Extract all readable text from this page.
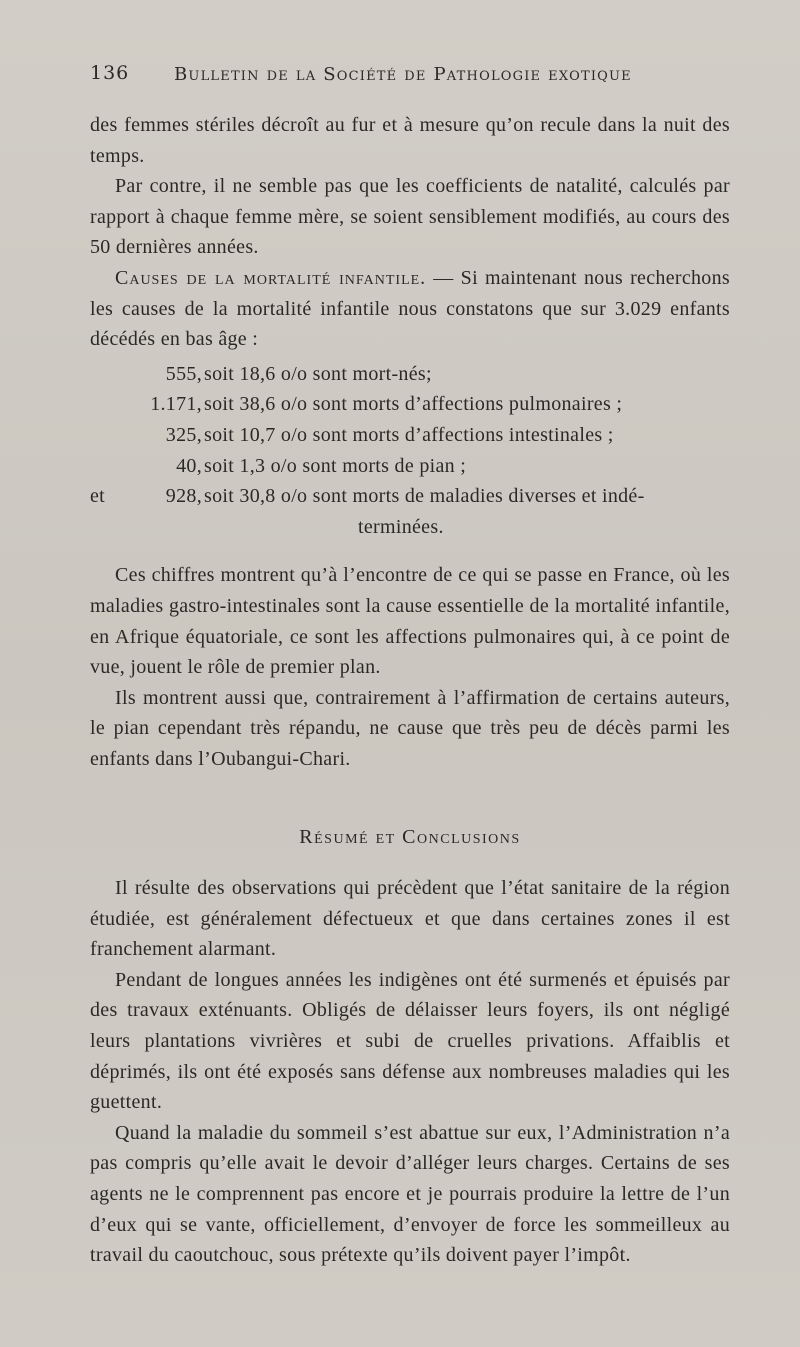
136 Bulletin de la Société de Pathologie exotique

des femmes stériles décroît au fur et à mesure qu’on recule dans la nuit des temps.

Par contre, il ne semble pas que les coefficients de natalité, calculés par rapport à chaque femme mère, se soient sensiblement modifiés, au cours des 50 dernières années.

Causes de la mortalité infantile. — Si maintenant nous recherchons les causes de la mortalité infantile nous constatons que sur 3.029 enfants décédés en bas âge :

555, soit 18,6 o/o sont mort-nés;
1.171, soit 38,6 o/o sont morts d’affections pulmonaires ;
325, soit 10,7 o/o sont morts d’affections intestinales ;
40, soit 1,3 o/o sont morts de pian ;
et	928, soit 30,8 o/o sont morts de maladies diverses et indé-
terminées.

Ces chiffres montrent qu’à l’encontre de ce qui se passe en France, où les maladies gastro-intestinales sont la cause essentielle de la mortalité infantile, en Afrique équatoriale, ce sont les affections pulmonaires qui, à ce point de vue, jouent le rôle de premier plan.

Ils montrent aussi que, contrairement à l’affirmation de certains auteurs, le pian cependant très répandu, ne cause que très peu de décès parmi les enfants dans l’Oubangui-Chari.

Résumé et Conclusions

Il résulte des observations qui précèdent que l’état sanitaire de la région étudiée, est généralement défectueux et que dans certaines zones il est franchement alarmant.

Pendant de longues années les indigènes ont été surmenés et épuisés par des travaux exténuants. Obligés de délaisser leurs foyers, ils ont négligé leurs plantations vivrières et subi de cruelles privations. Affaiblis et déprimés, ils ont été exposés sans défense aux nombreuses maladies qui les guettent.

Quand la maladie du sommeil s’est abattue sur eux, l’Administration n’a pas compris qu’elle avait le devoir d’alléger leurs charges. Certains de ses agents ne le comprennent pas encore et je pourrais produire la lettre de l’un d’eux qui se vante, officiellement, d’envoyer de force les sommeilleux au travail du caoutchouc, sous prétexte qu’ils doivent payer l’impôt.
